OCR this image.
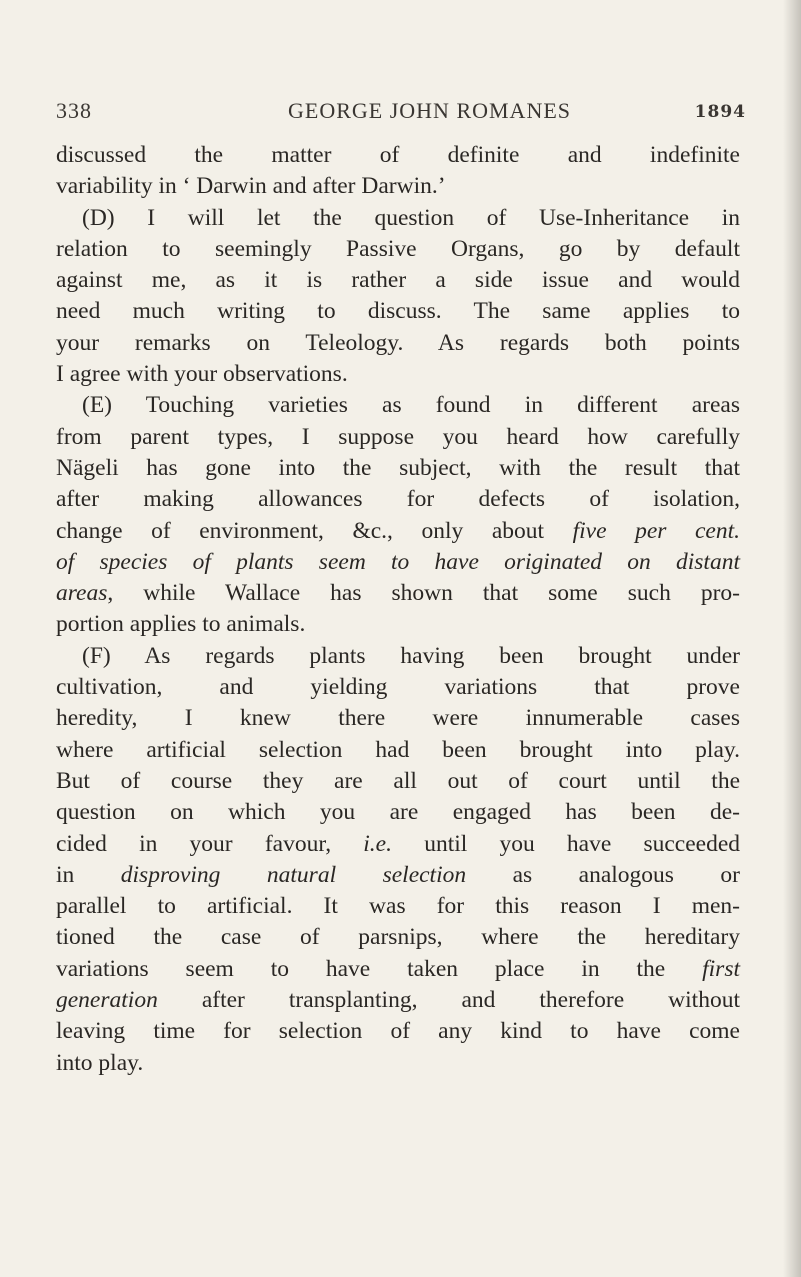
338	GEORGE JOHN ROMANES	1894
discussed the matter of definite and indefinite
variability in ‘ Darwin and after Darwin.’
(D) I will let the question of Use-Inheritance in
relation to seemingly Passive Organs, go by default
against me, as it is rather a side issue and would
need much writing to discuss. The same applies to
your remarks on Teleology. As regards both points
I agree with your observations.
(E) Touching varieties as found in different areas
from parent types, I suppose you heard how carefully
Nägeli has gone into the subject, with the result that
after making allowances for defects of isolation,
change of environment, &c., only about five per cent.
of species of plants seem to have originated on distant
areas, while Wallace has shown that some such pro-
portion applies to animals.
(F) As regards plants having been brought under
cultivation, and yielding variations that prove
heredity, I knew there were innumerable cases
where artificial selection had been brought into play.
But of course they are all out of court until the
question on which you are engaged has been de-
cided in your favour, i.e. until you have succeeded
in disproving natural selection as analogous or
parallel to artificial. It was for this reason I men-
tioned the case of parsnips, where the hereditary
variations seem to have taken place in the first
generation after transplanting, and therefore without
leaving time for selection of any kind to have come
into play.
